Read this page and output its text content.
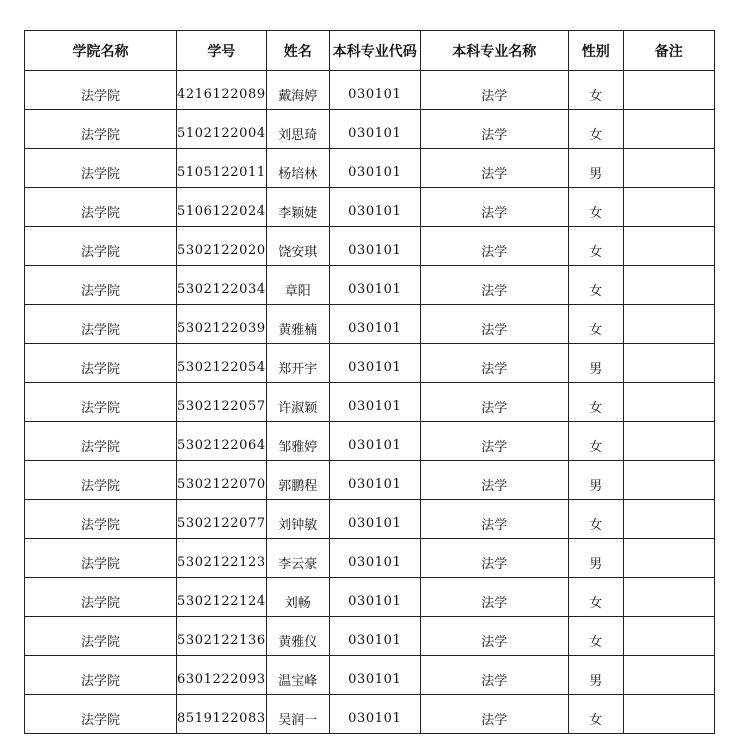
学院名称	学号	姓名	本科专业代码	本科专业名称	性别	备注
法学院	4216122089	戴海婷	030101	法学	女	
法学院	5102122004	刘思琦	030101	法学	女	
法学院	5105122011	杨培林	030101	法学	男	
法学院	5106122024	李颖婕	030101	法学	女	
法学院	5302122020	饶安琪	030101	法学	女	
法学院	5302122034	章阳	030101	法学	女	
法学院	5302122039	黄雅楠	030101	法学	女	
法学院	5302122054	郑开宇	030101	法学	男	
法学院	5302122057	许淑颖	030101	法学	女	
法学院	5302122064	邹雅婷	030101	法学	女	
法学院	5302122070	郭鹏程	030101	法学	男	
法学院	5302122077	刘钟敏	030101	法学	女	
法学院	5302122123	李云豪	030101	法学	男	
法学院	5302122124	刘畅	030101	法学	女	
法学院	5302122136	黄雅仪	030101	法学	女	
法学院	6301222093	温宝峰	030101	法学	男	
法学院	8519122083	吴润一	030101	法学	女	
